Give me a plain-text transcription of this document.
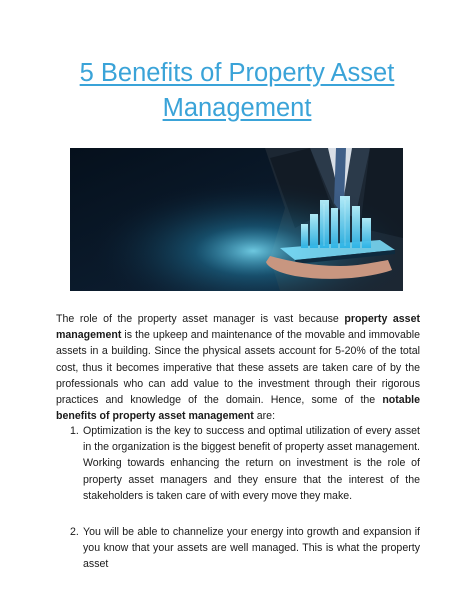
5 Benefits of Property Asset Management

The role of the property asset manager is vast because property asset management is the upkeep and maintenance of the movable and immovable assets in a building. Since the physical assets account for 5-20% of the total cost, thus it becomes imperative that these assets are taken care of by the professionals who can add value to the investment through their rigorous practices and knowledge of the domain. Hence, some of the notable benefits of property asset management are:

1. Optimization is the key to success and optimal utilization of every asset in the organization is the biggest benefit of property asset management. Working towards enhancing the return on investment is the role of property asset managers and they ensure that the interest of the stakeholders is taken care of with every move they make.
2. You will be able to channelize your energy into growth and expansion if you know that your assets are well managed. This is what the property asset
